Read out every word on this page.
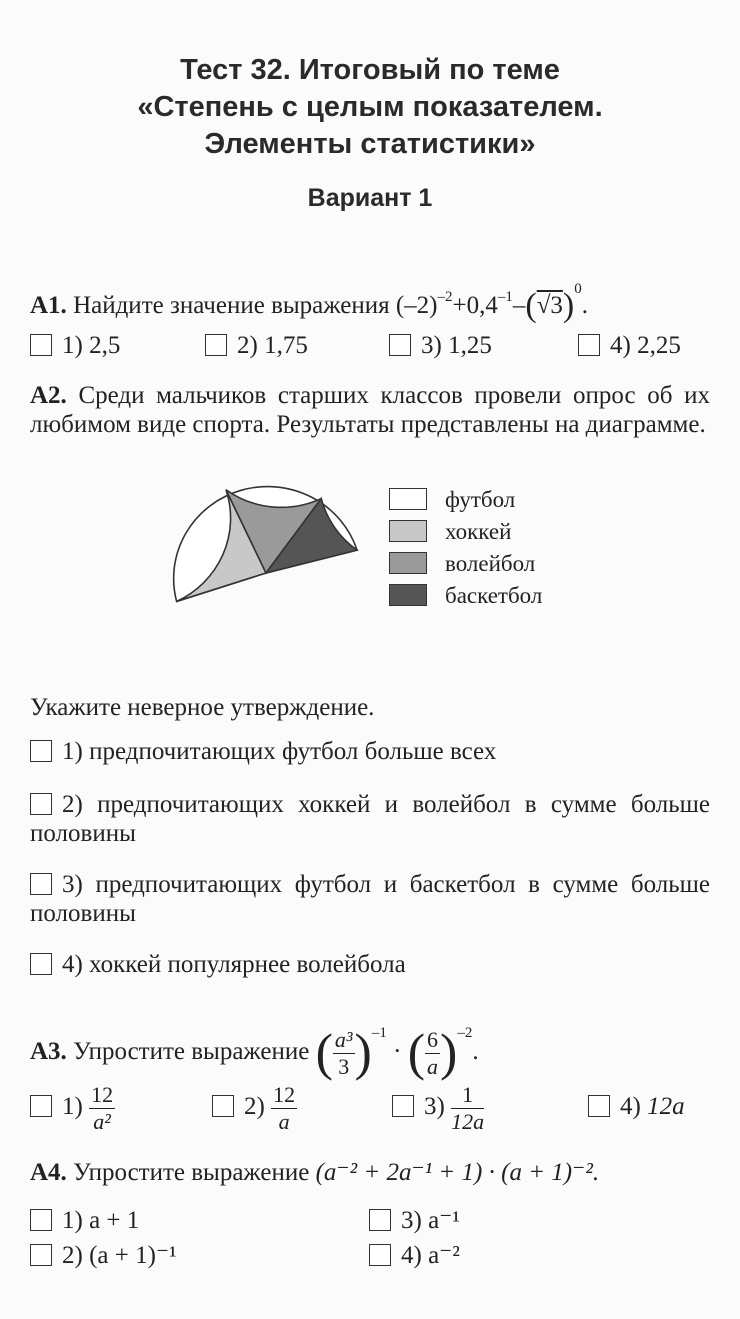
Тест 32. Итоговый по теме
«Степень с целым показателем.
Элементы статистики»
Вариант 1
А1. Найдите значение выражения $(-2)^{-2}+0,4^{-1}-(√3)^0$.
1) 2,5	2) 1,75	3) 1,25	4) 2,25
А2. Среди мальчиков старших классов провели опрос об их любимом виде спорта. Результаты представлены на диаграмме.
футбол
хоккей
волейбол
баскетбол
Укажите неверное утверждение.
1) предпочитающих футбол больше всех
2) предпочитающих хоккей и волейбол в сумме больше половины
3) предпочитающих футбол и баскетбол в сумме больше половины
4) хоккей популярнее волейбола
А3. Упростите выражение ( $\frac{\text{a³}}{3} )^{-1}$ · ( $\frac{6}{a} )^{-2}$.
$1) \frac{12}{\text{a²}}$	$2) \frac{12}{a}$	$3) \frac{1}{12a}$	4) 12a
А4. Упростите выражение (a⁻² + 2a⁻¹ + 1) · (a + 1)⁻².
1) a + 1
2) (a + 1)⁻¹
3) a⁻¹
4) a⁻²
